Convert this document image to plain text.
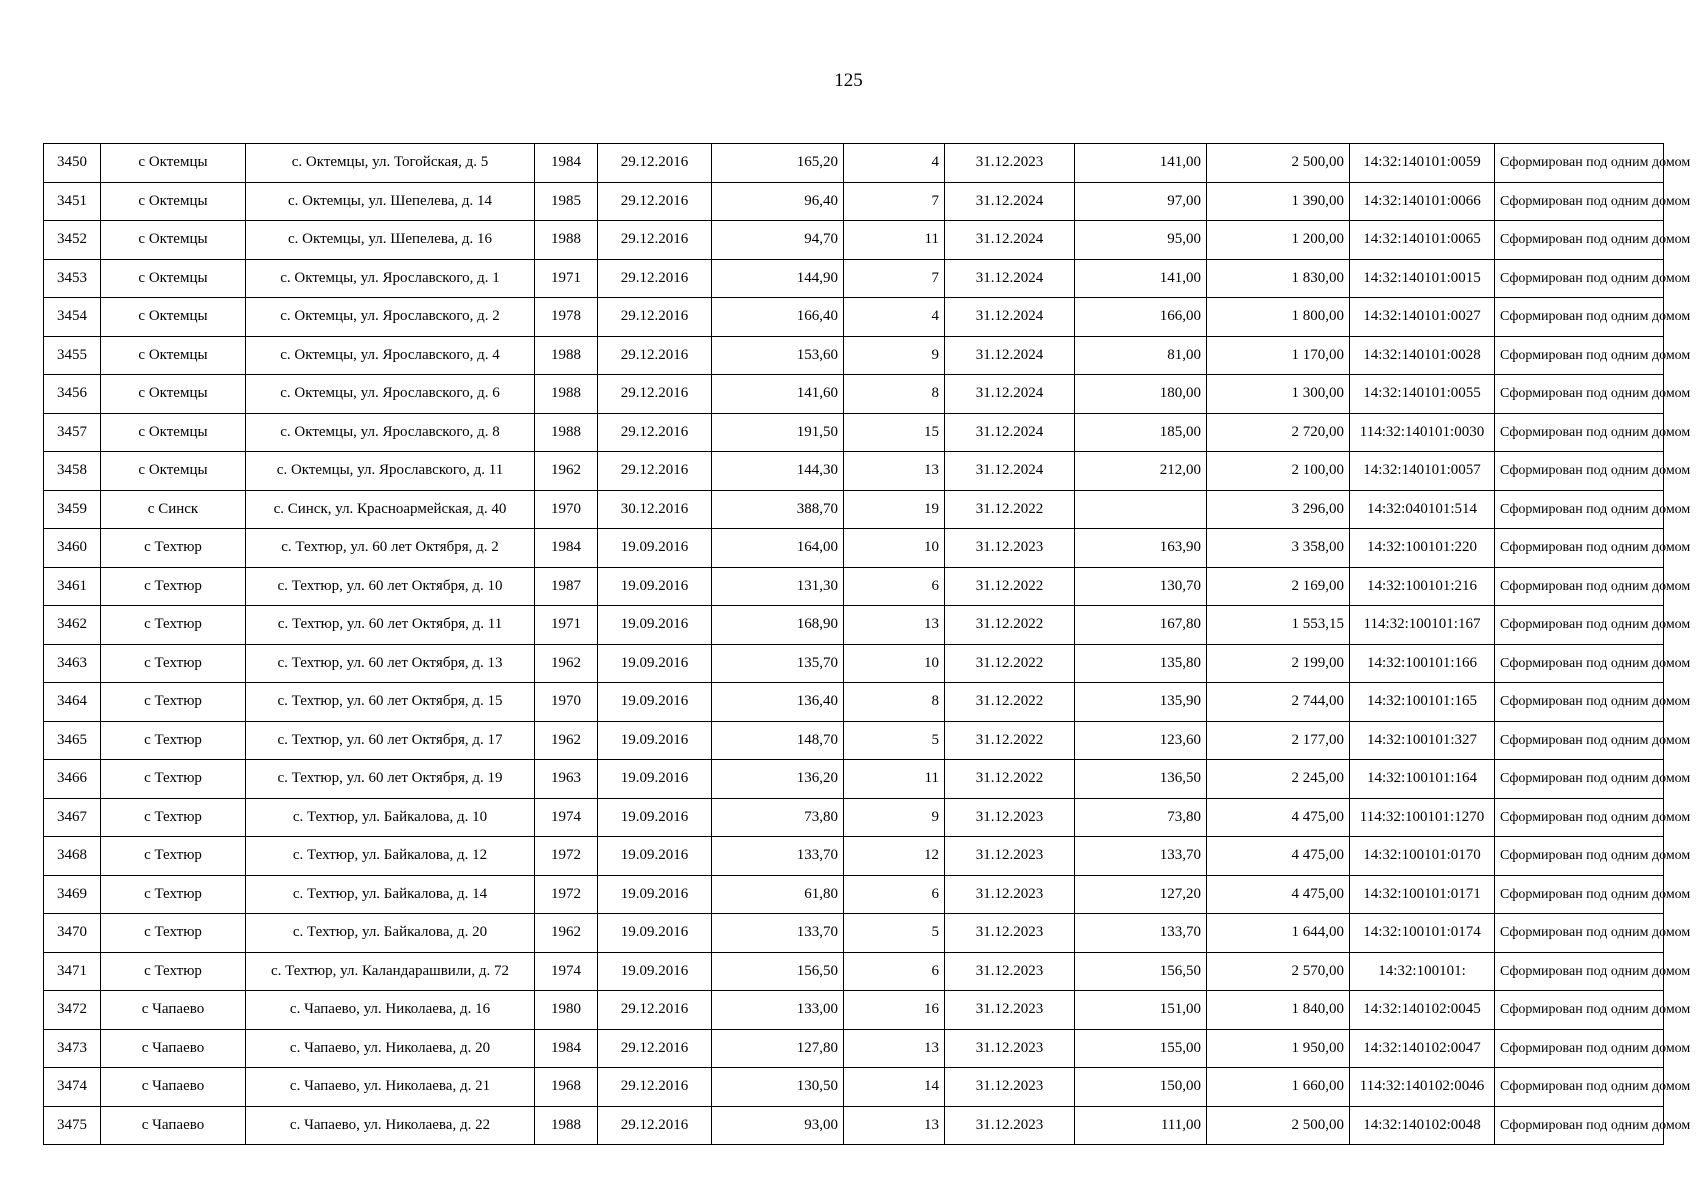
125
3450	с Октемцы	с. Октемцы, ул. Тогойская, д. 5	1984	29.12.2016	165,20	4	31.12.2023	141,00	2 500,00	14:32:140101:0059	Сформирован под одним домом
3451	с Октемцы	с. Октемцы, ул. Шепелева, д. 14	1985	29.12.2016	96,40	7	31.12.2024	97,00	1 390,00	14:32:140101:0066	Сформирован под одним домом
3452	с Октемцы	с. Октемцы, ул. Шепелева, д. 16	1988	29.12.2016	94,70	11	31.12.2024	95,00	1 200,00	14:32:140101:0065	Сформирован под одним домом
3453	с Октемцы	с. Октемцы, ул. Ярославского, д. 1	1971	29.12.2016	144,90	7	31.12.2024	141,00	1 830,00	14:32:140101:0015	Сформирован под одним домом
3454	с Октемцы	с. Октемцы, ул. Ярославского, д. 2	1978	29.12.2016	166,40	4	31.12.2024	166,00	1 800,00	14:32:140101:0027	Сформирован под одним домом
3455	с Октемцы	с. Октемцы, ул. Ярославского, д. 4	1988	29.12.2016	153,60	9	31.12.2024	81,00	1 170,00	14:32:140101:0028	Сформирован под одним домом
3456	с Октемцы	с. Октемцы, ул. Ярославского, д. 6	1988	29.12.2016	141,60	8	31.12.2024	180,00	1 300,00	14:32:140101:0055	Сформирован под одним домом
3457	с Октемцы	с. Октемцы, ул. Ярославского, д. 8	1988	29.12.2016	191,50	15	31.12.2024	185,00	2 720,00	114:32:140101:0030	Сформирован под одним домом
3458	с Октемцы	с. Октемцы, ул. Ярославского, д. 11	1962	29.12.2016	144,30	13	31.12.2024	212,00	2 100,00	14:32:140101:0057	Сформирован под одним домом
3459	с Синск	с. Синск, ул. Красноармейская, д. 40	1970	30.12.2016	388,70	19	31.12.2022		3 296,00	14:32:040101:514	Сформирован под одним домом
3460	с Техтюр	с. Техтюр, ул. 60 лет Октября, д. 2	1984	19.09.2016	164,00	10	31.12.2023	163,90	3 358,00	14:32:100101:220	Сформирован под одним домом
3461	с Техтюр	с. Техтюр, ул. 60 лет Октября, д. 10	1987	19.09.2016	131,30	6	31.12.2022	130,70	2 169,00	14:32:100101:216	Сформирован под одним домом
3462	с Техтюр	с. Техтюр, ул. 60 лет Октября, д. 11	1971	19.09.2016	168,90	13	31.12.2022	167,80	1 553,15	114:32:100101:167	Сформирован под одним домом
3463	с Техтюр	с. Техтюр, ул. 60 лет Октября, д. 13	1962	19.09.2016	135,70	10	31.12.2022	135,80	2 199,00	14:32:100101:166	Сформирован под одним домом
3464	с Техтюр	с. Техтюр, ул. 60 лет Октября, д. 15	1970	19.09.2016	136,40	8	31.12.2022	135,90	2 744,00	14:32:100101:165	Сформирован под одним домом
3465	с Техтюр	с. Техтюр, ул. 60 лет Октября, д. 17	1962	19.09.2016	148,70	5	31.12.2022	123,60	2 177,00	14:32:100101:327	Сформирован под одним домом
3466	с Техтюр	с. Техтюр, ул. 60 лет Октября, д. 19	1963	19.09.2016	136,20	11	31.12.2022	136,50	2 245,00	14:32:100101:164	Сформирован под одним домом
3467	с Техтюр	с. Техтюр, ул. Байкалова, д. 10	1974	19.09.2016	73,80	9	31.12.2023	73,80	4 475,00	114:32:100101:1270	Сформирован под одним домом
3468	с Техтюр	с. Техтюр, ул. Байкалова, д. 12	1972	19.09.2016	133,70	12	31.12.2023	133,70	4 475,00	14:32:100101:0170	Сформирован под одним домом
3469	с Техтюр	с. Техтюр, ул. Байкалова, д. 14	1972	19.09.2016	61,80	6	31.12.2023	127,20	4 475,00	14:32:100101:0171	Сформирован под одним домом
3470	с Техтюр	с. Техтюр, ул. Байкалова, д. 20	1962	19.09.2016	133,70	5	31.12.2023	133,70	1 644,00	14:32:100101:0174	Сформирован под одним домом
3471	с Техтюр	с. Техтюр, ул. Каландарашвили, д. 72	1974	19.09.2016	156,50	6	31.12.2023	156,50	2 570,00	14:32:100101:	Сформирован под одним домом
3472	с Чапаево	с. Чапаево, ул. Николаева, д. 16	1980	29.12.2016	133,00	16	31.12.2023	151,00	1 840,00	14:32:140102:0045	Сформирован под одним домом
3473	с Чапаево	с. Чапаево, ул. Николаева, д. 20	1984	29.12.2016	127,80	13	31.12.2023	155,00	1 950,00	14:32:140102:0047	Сформирован под одним домом
3474	с Чапаево	с. Чапаево, ул. Николаева, д. 21	1968	29.12.2016	130,50	14	31.12.2023	150,00	1 660,00	114:32:140102:0046	Сформирован под одним домом
3475	с Чапаево	с. Чапаево, ул. Николаева, д. 22	1988	29.12.2016	93,00	13	31.12.2023	111,00	2 500,00	14:32:140102:0048	Сформирован под одним домом
